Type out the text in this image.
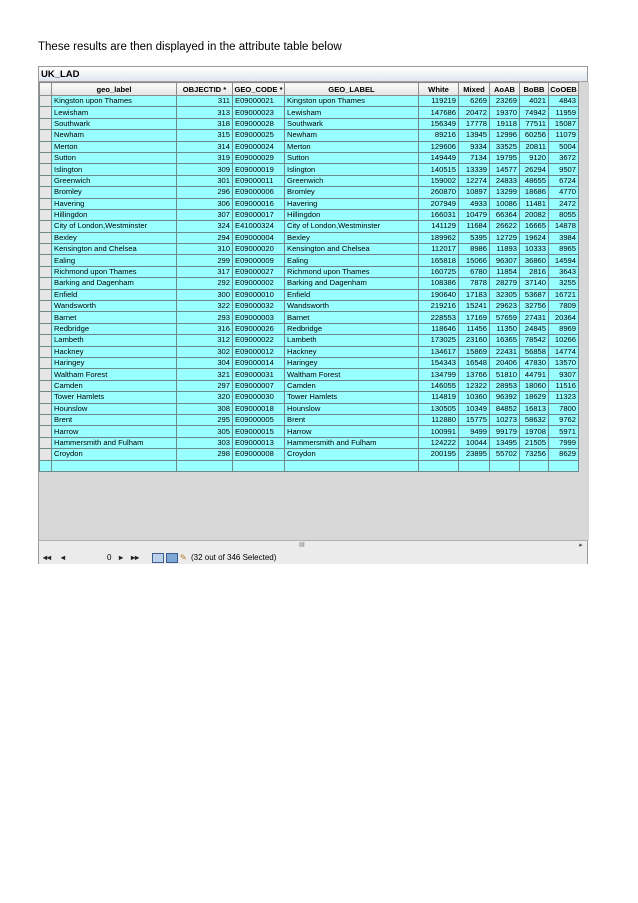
These results are then displayed in the attribute table below
UK_LAD
	geo_label	OBJECTID *	GEO_CODE *	GEO_LABEL	White	Mixed	AoAB	BoBB	CoOEB
	Kingston upon Thames	311	E09000021	Kingston upon Thames	119219	6269	23269	4021	4843
	Lewisham	313	E09000023	Lewisham	147686	20472	19370	74942	11959
	Southwark	318	E09000028	Southwark	156349	17778	19118	77511	15087
	Newham	315	E09000025	Newham	89216	13945	12996	60256	11079
	Merton	314	E09000024	Merton	129606	9334	33525	20811	5004
	Sutton	319	E09000029	Sutton	149449	7134	19795	9120	3672
	Islington	309	E09000019	Islington	140515	13339	14577	26294	9507
	Greenwich	301	E09000011	Greenwich	159002	12274	24833	48655	6724
	Bromley	296	E09000006	Bromley	260870	10897	13299	18686	4770
	Havering	306	E09000016	Havering	207949	4933	10086	11481	2472
	Hillingdon	307	E09000017	Hillingdon	166031	10479	66364	20082	8055
	City of London,Westminster	324	E41000324	City of London,Westminster	141129	11684	26622	16665	14878
	Bexley	294	E09000004	Bexley	189962	5395	12729	19624	3984
	Kensington and Chelsea	310	E09000020	Kensington and Chelsea	112017	8986	11893	10333	8965
	Ealing	299	E09000009	Ealing	165818	15066	96307	36860	14594
	Richmond upon Thames	317	E09000027	Richmond upon Thames	160725	6780	11854	2816	3643
	Barking and Dagenham	292	E09000002	Barking and Dagenham	108386	7878	28279	37140	3255
	Enfield	300	E09000010	Enfield	190640	17183	32305	53687	16721
	Wandsworth	322	E09000032	Wandsworth	219216	15241	29623	32756	7809
	Barnet	293	E09000003	Barnet	228553	17169	57659	27431	20364
	Redbridge	316	E09000026	Redbridge	118646	11456	11350	24845	8969
	Lambeth	312	E09000022	Lambeth	173025	23160	16365	78542	10266
	Hackney	302	E09000012	Hackney	134617	15869	22431	56858	14774
	Haringey	304	E09000014	Haringey	154343	16548	20406	47830	13570
	Waltham Forest	321	E09000031	Waltham Forest	134799	13766	51810	44791	9307
	Camden	297	E09000007	Camden	146055	12322	28953	18060	11516
	Tower Hamlets	320	E09000030	Tower Hamlets	114819	10360	96392	18629	11323
	Hounslow	308	E09000018	Hounslow	130505	10349	84852	16813	7800
	Brent	295	E09000005	Brent	112880	15775	10273	58632	9762
	Harrow	305	E09000015	Harrow	100991	9499	99179	19708	5971
	Hammersmith and Fulham	303	E09000013	Hammersmith and Fulham	124222	10044	13495	21505	7999
	Croydon	298	E09000008	Croydon	200195	23895	55702	73256	8629

III	▸
◂◂ ◂	0 ▸ ▸▸	✎ (32 out of 346 Selected)
